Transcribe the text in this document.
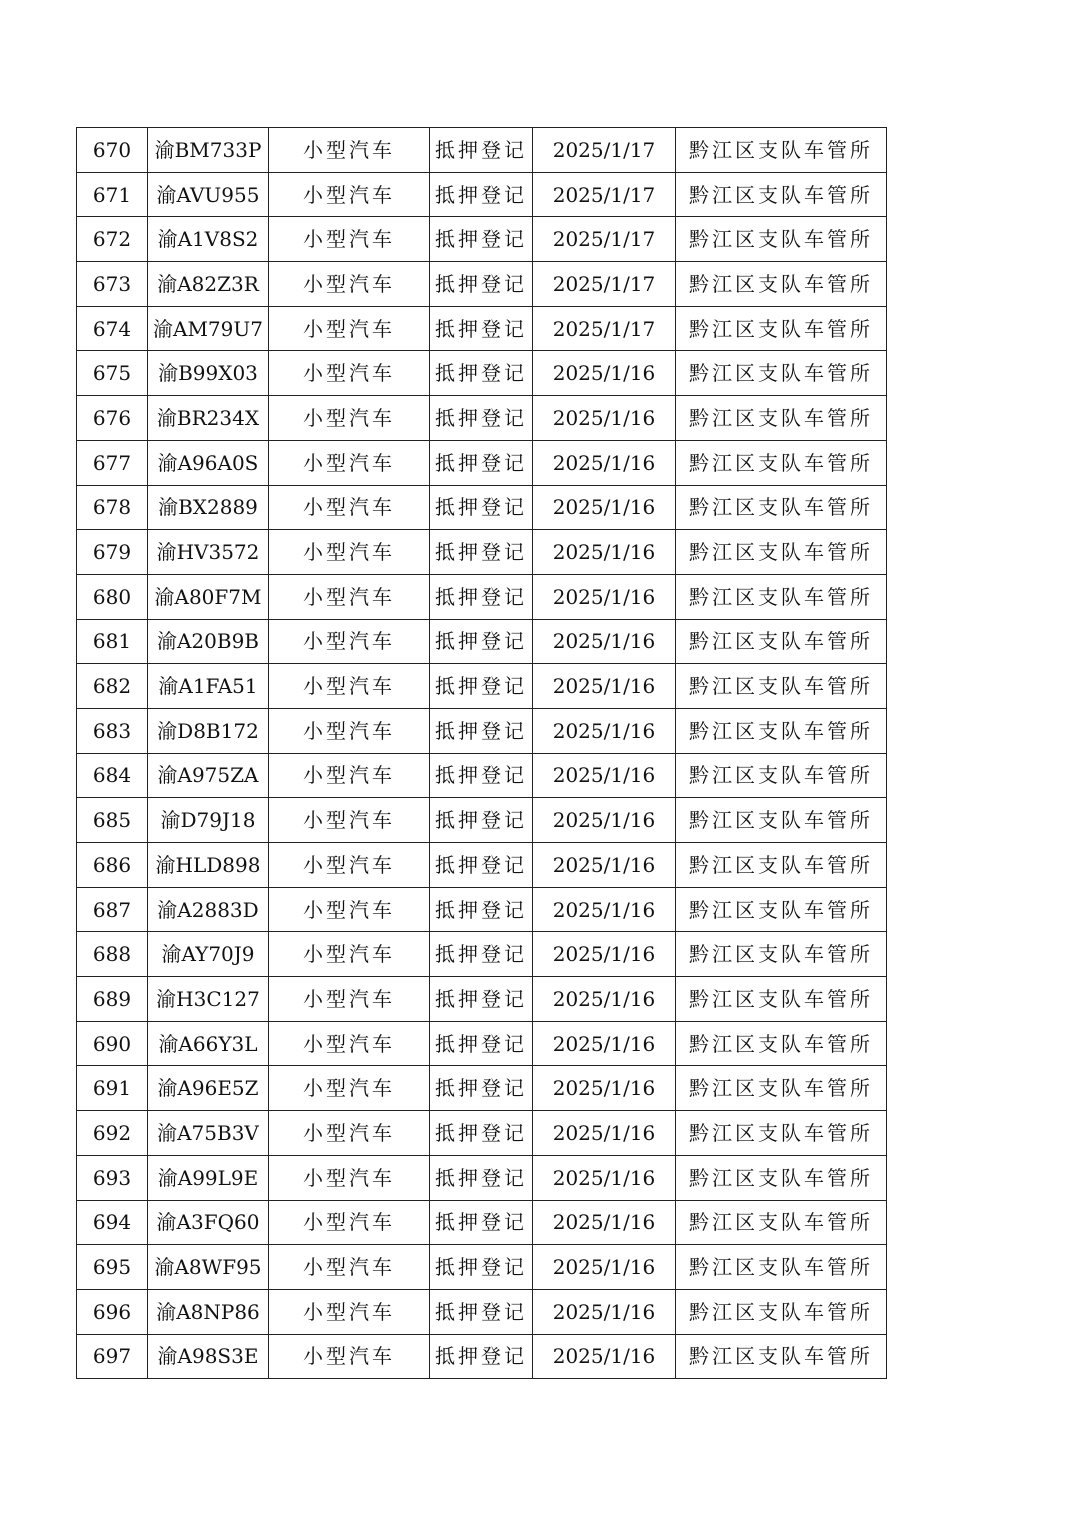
670	渝BM733P	小型汽车	抵押登记	2025/1/17	黔江区支队车管所
671	渝AVU955	小型汽车	抵押登记	2025/1/17	黔江区支队车管所
672	渝A1V8S2	小型汽车	抵押登记	2025/1/17	黔江区支队车管所
673	渝A82Z3R	小型汽车	抵押登记	2025/1/17	黔江区支队车管所
674	渝AM79U7	小型汽车	抵押登记	2025/1/17	黔江区支队车管所
675	渝B99X03	小型汽车	抵押登记	2025/1/16	黔江区支队车管所
676	渝BR234X	小型汽车	抵押登记	2025/1/16	黔江区支队车管所
677	渝A96A0S	小型汽车	抵押登记	2025/1/16	黔江区支队车管所
678	渝BX2889	小型汽车	抵押登记	2025/1/16	黔江区支队车管所
679	渝HV3572	小型汽车	抵押登记	2025/1/16	黔江区支队车管所
680	渝A80F7M	小型汽车	抵押登记	2025/1/16	黔江区支队车管所
681	渝A20B9B	小型汽车	抵押登记	2025/1/16	黔江区支队车管所
682	渝A1FA51	小型汽车	抵押登记	2025/1/16	黔江区支队车管所
683	渝D8B172	小型汽车	抵押登记	2025/1/16	黔江区支队车管所
684	渝A975ZA	小型汽车	抵押登记	2025/1/16	黔江区支队车管所
685	渝D79J18	小型汽车	抵押登记	2025/1/16	黔江区支队车管所
686	渝HLD898	小型汽车	抵押登记	2025/1/16	黔江区支队车管所
687	渝A2883D	小型汽车	抵押登记	2025/1/16	黔江区支队车管所
688	渝AY70J9	小型汽车	抵押登记	2025/1/16	黔江区支队车管所
689	渝H3C127	小型汽车	抵押登记	2025/1/16	黔江区支队车管所
690	渝A66Y3L	小型汽车	抵押登记	2025/1/16	黔江区支队车管所
691	渝A96E5Z	小型汽车	抵押登记	2025/1/16	黔江区支队车管所
692	渝A75B3V	小型汽车	抵押登记	2025/1/16	黔江区支队车管所
693	渝A99L9E	小型汽车	抵押登记	2025/1/16	黔江区支队车管所
694	渝A3FQ60	小型汽车	抵押登记	2025/1/16	黔江区支队车管所
695	渝A8WF95	小型汽车	抵押登记	2025/1/16	黔江区支队车管所
696	渝A8NP86	小型汽车	抵押登记	2025/1/16	黔江区支队车管所
697	渝A98S3E	小型汽车	抵押登记	2025/1/16	黔江区支队车管所
